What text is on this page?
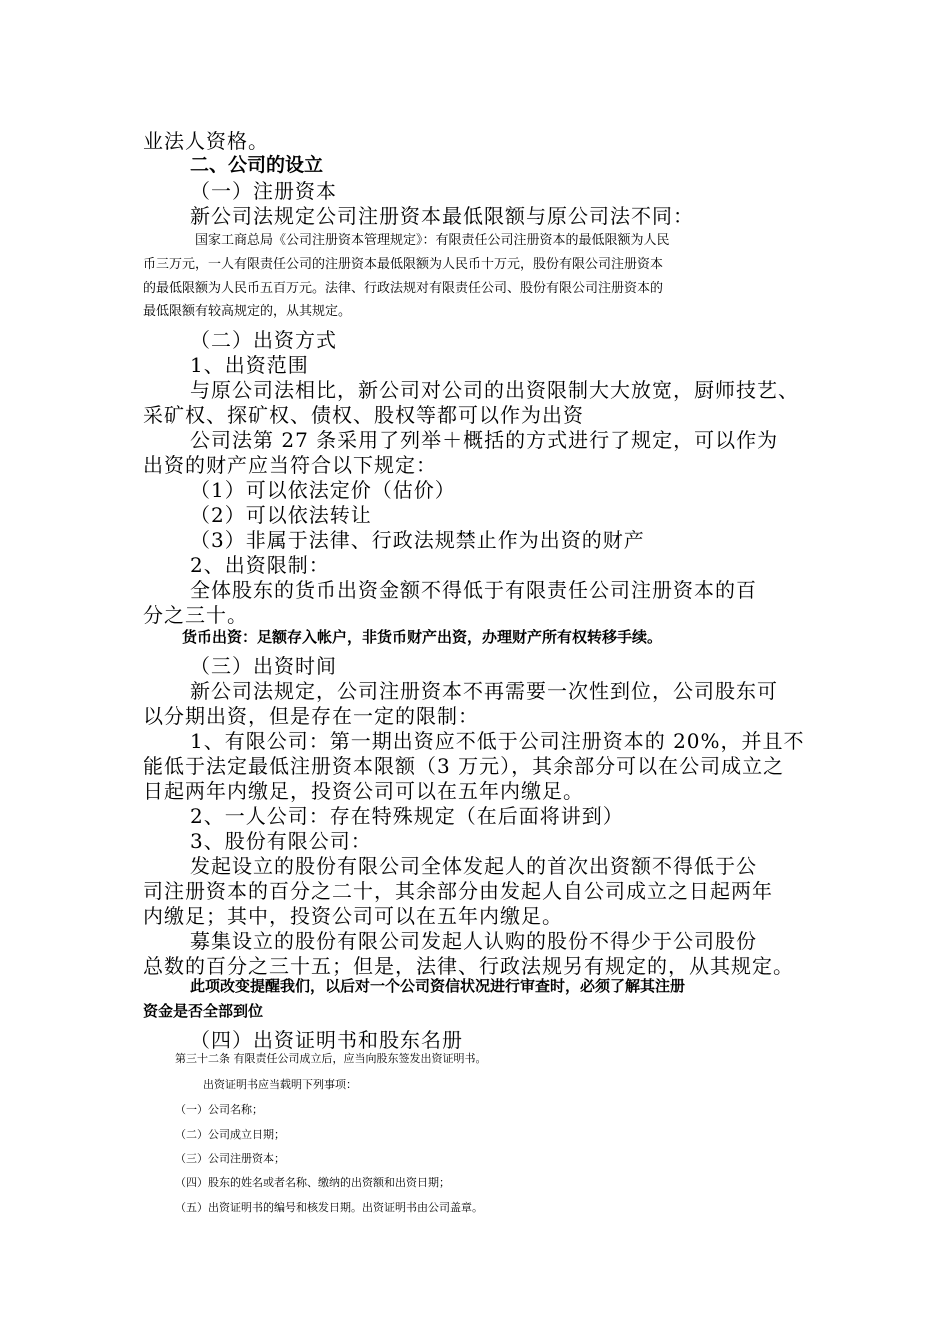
业法人资格。
二、公司的设立
（一）注册资本
新公司法规定公司注册资本最低限额与原公司法不同：
国家工商总局《公司注册资本管理规定》：有限责任公司注册资本的最低限额为人民
币三万元，一人有限责任公司的注册资本最低限额为人民币十万元，股份有限公司注册资本
的最低限额为人民币五百万元。法律、行政法规对有限责任公司、股份有限公司注册资本的
最低限额有较高规定的，从其规定。
（二）出资方式
1、出资范围
与原公司法相比，新公司对公司的出资限制大大放宽，厨师技艺、
采矿权、探矿权、债权、股权等都可以作为出资
公司法第 27 条采用了列举＋概括的方式进行了规定，可以作为
出资的财产应当符合以下规定：
（1）可以依法定价（估价）
（2）可以依法转让
（3）非属于法律、行政法规禁止作为出资的财产
2、出资限制：
全体股东的货币出资金额不得低于有限责任公司注册资本的百
分之三十。
货币出资：足额存入帐户，非货币财产出资，办理财产所有权转移手续。
（三）出资时间
新公司法规定，公司注册资本不再需要一次性到位，公司股东可
以分期出资，但是存在一定的限制：
1、有限公司：第一期出资应不低于公司注册资本的 20%，并且不
能低于法定最低注册资本限额（3 万元），其余部分可以在公司成立之
日起两年内缴足，投资公司可以在五年内缴足。
2、一人公司：存在特殊规定（在后面将讲到）
3、股份有限公司：
发起设立的股份有限公司全体发起人的首次出资额不得低于公
司注册资本的百分之二十，其余部分由发起人自公司成立之日起两年
内缴足；其中，投资公司可以在五年内缴足。
募集设立的股份有限公司发起人认购的股份不得少于公司股份
总数的百分之三十五；但是，法律、行政法规另有规定的，从其规定。
此项改变提醒我们，以后对一个公司资信状况进行审查时，必须了解其注册
资金是否全部到位
（四）出资证明书和股东名册
第三十二条 有限责任公司成立后，应当向股东签发出资证明书。
出资证明书应当载明下列事项：
（一）公司名称；
（二）公司成立日期；
（三）公司注册资本；
（四）股东的姓名或者名称、缴纳的出资额和出资日期；
（五）出资证明书的编号和核发日期。出资证明书由公司盖章。
